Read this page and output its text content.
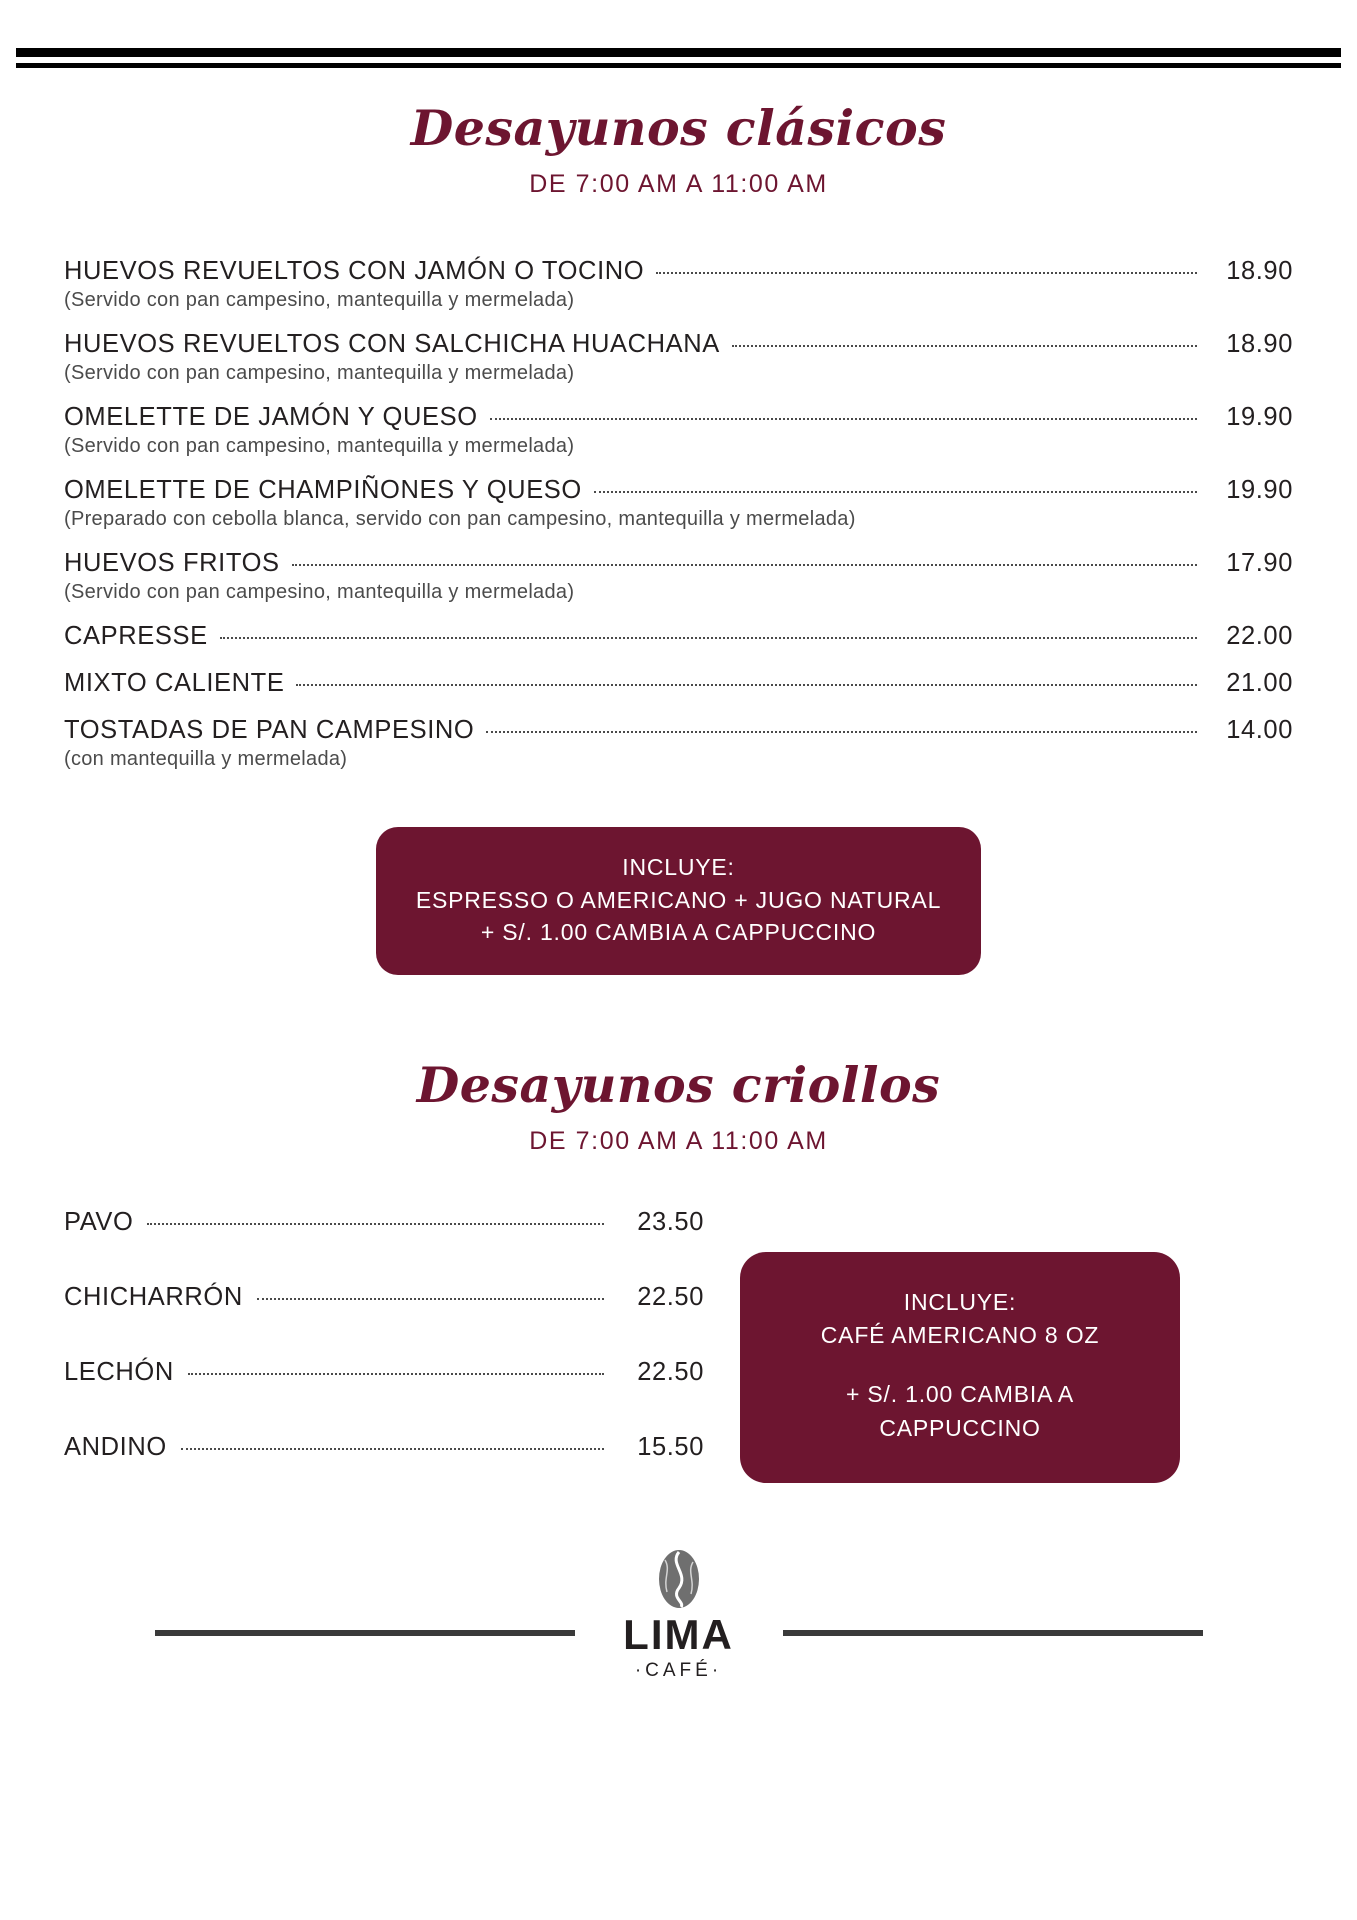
Desayunos clásicos
DE 7:00 AM A 11:00 AM
HUEVOS REVUELTOS CON JAMÓN O TOCINO	18.90
(Servido con pan campesino, mantequilla y mermelada)
HUEVOS REVUELTOS CON SALCHICHA HUACHANA	18.90
(Servido con pan campesino, mantequilla y mermelada)
OMELETTE DE JAMÓN Y QUESO	19.90
(Servido con pan campesino, mantequilla y mermelada)
OMELETTE DE CHAMPIÑONES Y QUESO	19.90
(Preparado con cebolla blanca, servido con pan campesino, mantequilla y mermelada)
HUEVOS FRITOS	17.90
(Servido con pan campesino, mantequilla y mermelada)
CAPRESSE	22.00
MIXTO CALIENTE	21.00
TOSTADAS DE PAN CAMPESINO	14.00
(con mantequilla y mermelada)
INCLUYE:
ESPRESSO O AMERICANO + JUGO NATURAL
+ S/. 1.00 CAMBIA A CAPPUCCINO
Desayunos criollos
DE 7:00 AM A 11:00 AM
PAVO	23.50
CHICHARRÓN	22.50
LECHÓN	22.50
ANDINO	15.50
INCLUYE:
CAFÉ AMERICANO 8 OZ
+ S/. 1.00 CAMBIA A
CAPPUCCINO
LIMA
·CAFÉ·
